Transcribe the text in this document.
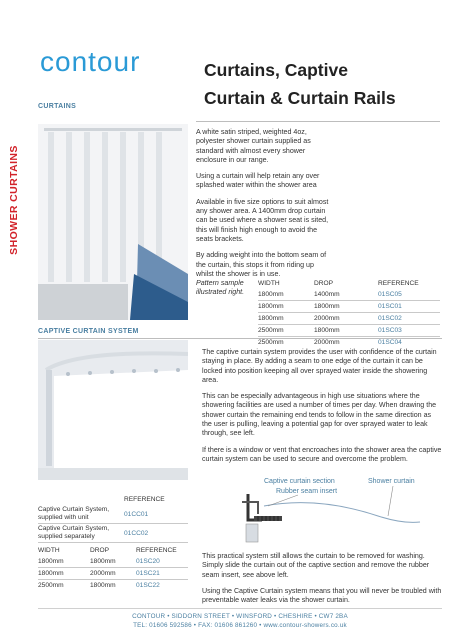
SHOWER CURTAINS
contour	Curtains, Captive
Curtain & Curtain Rails
CURTAINS

A white satin striped, weighted 4oz, polyester shower curtain supplied as standard with almost every shower enclosure in our range.

Using a curtain will help retain any over splashed water within the shower area

Available in five size options to suit almost any shower area. A 1400mm drop curtain can be used where a shower seat is sited, this will finish high enough to avoid the seats brackets.

By adding weight into the bottom seam of the curtain, this stops it from riding up whilst the shower is in use.

Pattern sample illustrated right.

WIDTH	DROP	REFERENCE
1800mm	1400mm	01SC05
1800mm	1800mm	01SC01
1800mm	2000mm	01SC02
2500mm	1800mm	01SC03
2500mm	2000mm	01SC04
CAPTIVE CURTAIN SYSTEM

The captive curtain system provides the user with confidence of the curtain staying in place. By adding a seam to one edge of the curtain it can be locked into position keeping all over sprayed water inside the showering area.

This can be especially advantageous in high use situations where the showering facilities are used a number of times per day. When drawing the shower curtain the remaining end tends to follow in the same direction as the user is pulling, leaving a potential gap for over sprayed water to leak through, see left.

If there is a window or vent that encroaches into the shower area the captive curtain system can be used to secure and overcome the problem.

Captive curtain section
Rubber seam insert
Shower curtain
	REFERENCE
Captive Curtain System, supplied with unit	01CC01
Captive Curtain System, supplied separately	01CC02
WIDTH	DROP	REFERENCE
1800mm	1800mm	01SC20
1800mm	2000mm	01SC21
2500mm	1800mm	01SC22

This practical system still allows the curtain to be removed for washing. Simply slide the curtain out of the captive section and remove the rubber seam insert, see above left.

Using the Captive Curtain system means that you will never be troubled with preventable water leaks via the shower curtain.

CONTOUR • SIDDORN STREET • WINSFORD • CHESHIRE • CW7 2BA
TEL: 01606 592586 • FAX: 01606 861260 • www.contour-showers.co.uk
